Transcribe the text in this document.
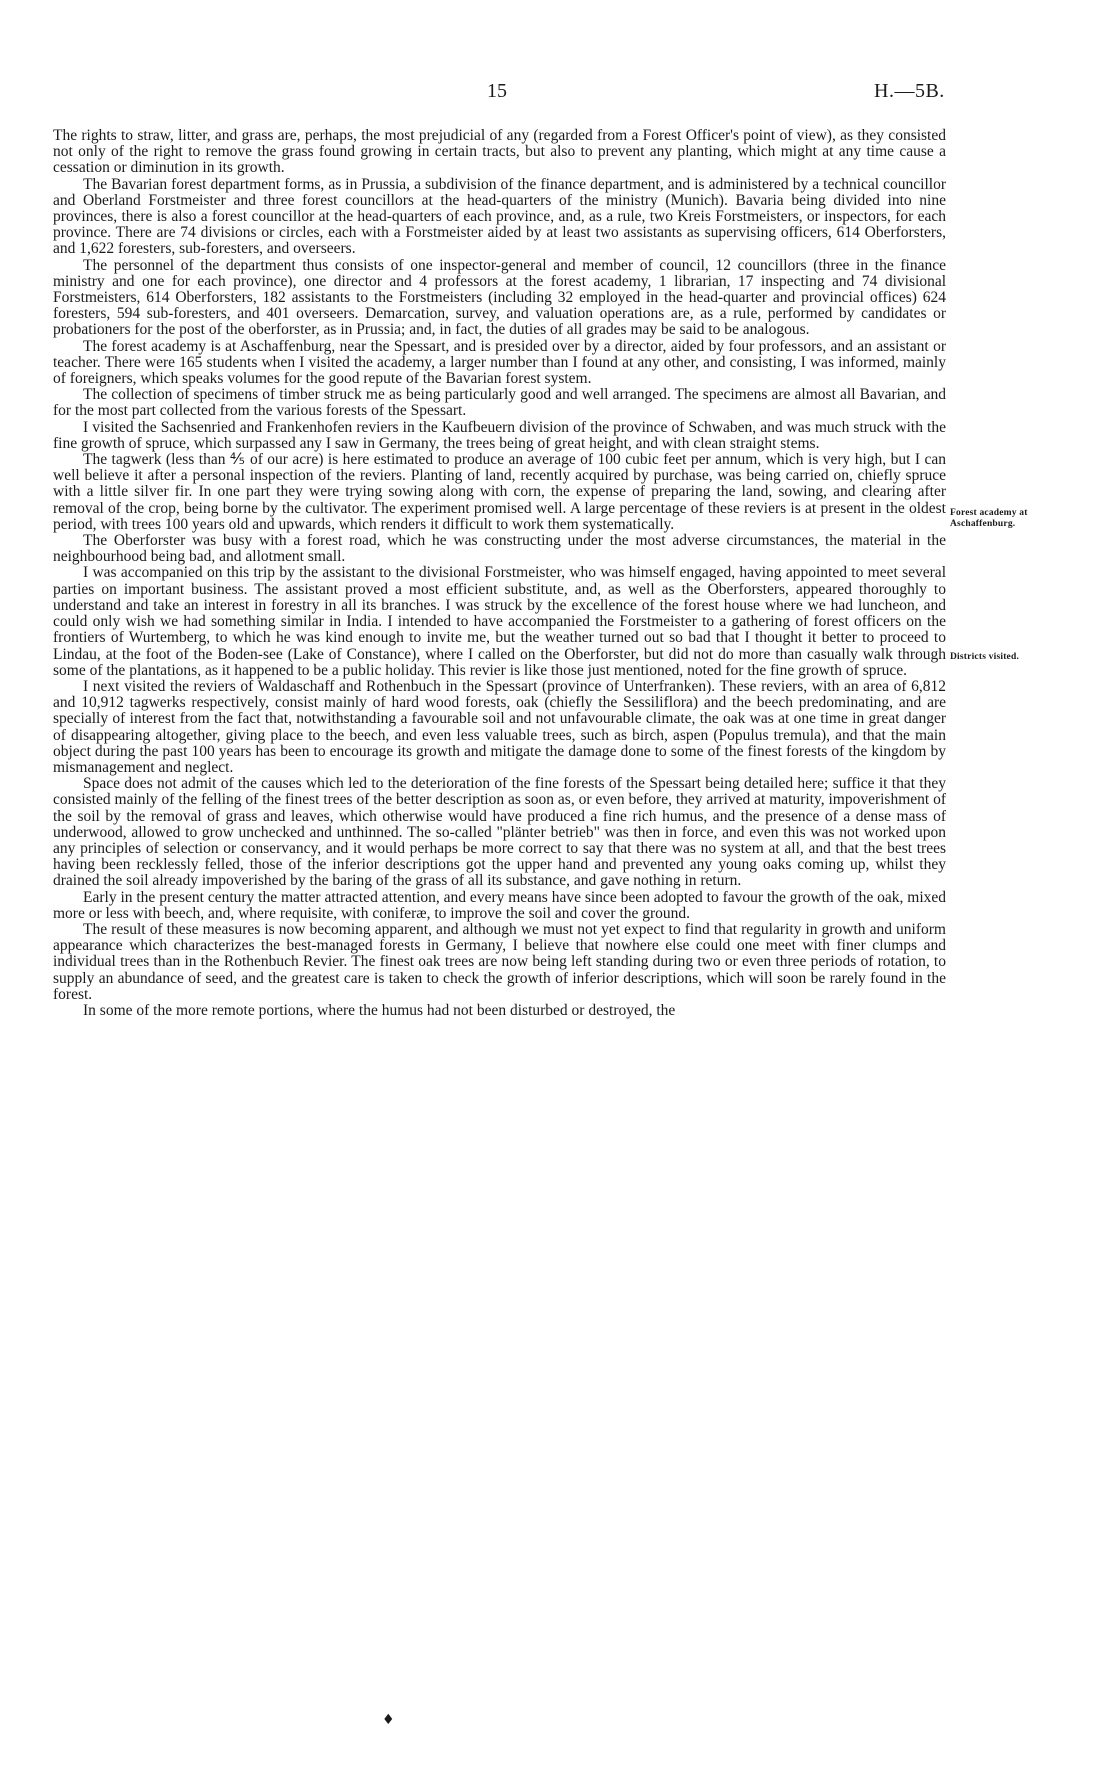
15	H.—5B.

The rights to straw, litter, and grass are, perhaps, the most prejudicial of any (regarded from a Forest Officer's point of view), as they consisted not only of the right to remove the grass found growing in certain tracts, but also to prevent any planting, which might at any time cause a cessation or diminution in its growth.

The Bavarian forest department forms, as in Prussia, a subdivision of the finance department, and is administered by a technical councillor and Oberland Forstmeister and three forest councillors at the head-quarters of the ministry (Munich). Bavaria being divided into nine provinces, there is also a forest councillor at the head-quarters of each province, and, as a rule, two Kreis Forstmeisters, or inspectors, for each province. There are 74 divisions or circles, each with a Forstmeister aided by at least two assistants as supervising officers, 614 Oberforsters, and 1,622 foresters, sub-foresters, and overseers.

The personnel of the department thus consists of one inspector-general and member of council, 12 councillors (three in the finance ministry and one for each province), one director and 4 professors at the forest academy, 1 librarian, 17 inspecting and 74 divisional Forstmeisters, 614 Oberforsters, 182 assistants to the Forstmeisters (including 32 employed in the head-quarter and provincial offices) 624 foresters, 594 sub-foresters, and 401 overseers. Demarcation, survey, and valuation operations are, as a rule, performed by candidates or probationers for the post of the oberforster, as in Prussia; and, in fact, the duties of all grades may be said to be analogous.

The forest academy is at Aschaffenburg, near the Spessart, and is presided over by a director, aided by four professors, and an assistant or teacher. There were 165 students when I visited the academy, a larger number than I found at any other, and consisting, I was informed, mainly of foreigners, which speaks volumes for the good repute of the Bavarian forest system.

The collection of specimens of timber struck me as being particularly good and well arranged. The specimens are almost all Bavarian, and for the most part collected from the various forests of the Spessart.

I visited the Sachsenried and Frankenhofen reviers in the Kaufbeuern division of the province of Schwaben, and was much struck with the fine growth of spruce, which surpassed any I saw in Germany, the trees being of great height, and with clean straight stems.

The tagwerk (less than ⅘ of our acre) is here estimated to produce an average of 100 cubic feet per annum, which is very high, but I can well believe it after a personal inspection of the reviers. Planting of land, recently acquired by purchase, was being carried on, chiefly spruce with a little silver fir. In one part they were trying sowing along with corn, the expense of preparing the land, sowing, and clearing after removal of the crop, being borne by the cultivator. The experiment promised well. A large percentage of these reviers is at present in the oldest period, with trees 100 years old and upwards, which renders it difficult to work them systematically.

The Oberforster was busy with a forest road, which he was constructing under the most adverse circumstances, the material in the neighbourhood being bad, and allotment small.

I was accompanied on this trip by the assistant to the divisional Forstmeister, who was himself engaged, having appointed to meet several parties on important business. The assistant proved a most efficient substitute, and, as well as the Oberforsters, appeared thoroughly to understand and take an interest in forestry in all its branches. I was struck by the excellence of the forest house where we had luncheon, and could only wish we had something similar in India. I intended to have accompanied the Forstmeister to a gathering of forest officers on the frontiers of Wurtemberg, to which he was kind enough to invite me, but the weather turned out so bad that I thought it better to proceed to Lindau, at the foot of the Boden-see (Lake of Constance), where I called on the Oberforster, but did not do more than casually walk through some of the plantations, as it happened to be a public holiday. This revier is like those just mentioned, noted for the fine growth of spruce.

I next visited the reviers of Waldaschaff and Rothenbuch in the Spessart (province of Unterfranken). These reviers, with an area of 6,812 and 10,912 tagwerks respectively, consist mainly of hard wood forests, oak (chiefly the Sessiliflora) and the beech predominating, and are specially of interest from the fact that, notwithstanding a favourable soil and not unfavourable climate, the oak was at one time in great danger of disappearing altogether, giving place to the beech, and even less valuable trees, such as birch, aspen (Populus tremula), and that the main object during the past 100 years has been to encourage its growth and mitigate the damage done to some of the finest forests of the kingdom by mismanagement and neglect.

Space does not admit of the causes which led to the deterioration of the fine forests of the Spessart being detailed here; suffice it that they consisted mainly of the felling of the finest trees of the better description as soon as, or even before, they arrived at maturity, impoverishment of the soil by the removal of grass and leaves, which otherwise would have produced a fine rich humus, and the presence of a dense mass of underwood, allowed to grow unchecked and unthinned. The so-called "plänter betrieb" was then in force, and even this was not worked upon any principles of selection or conservancy, and it would perhaps be more correct to say that there was no system at all, and that the best trees having been recklessly felled, those of the inferior descriptions got the upper hand and prevented any young oaks coming up, whilst they drained the soil already impoverished by the baring of the grass of all its substance, and gave nothing in return.

Early in the present century the matter attracted attention, and every means have since been adopted to favour the growth of the oak, mixed more or less with beech, and, where requisite, with coniferæ, to improve the soil and cover the ground.

The result of these measures is now becoming apparent, and although we must not yet expect to find that regularity in growth and uniform appearance which characterizes the best-managed forests in Germany, I believe that nowhere else could one meet with finer clumps and individual trees than in the Rothenbuch Revier. The finest oak trees are now being left standing during two or even three periods of rotation, to supply an abundance of seed, and the greatest care is taken to check the growth of inferior descriptions, which will soon be rarely found in the forest.

In some of the more remote portions, where the humus had not been disturbed or destroyed, the

Forest academy at Aschaffenburg.
Districts visited.
♦
